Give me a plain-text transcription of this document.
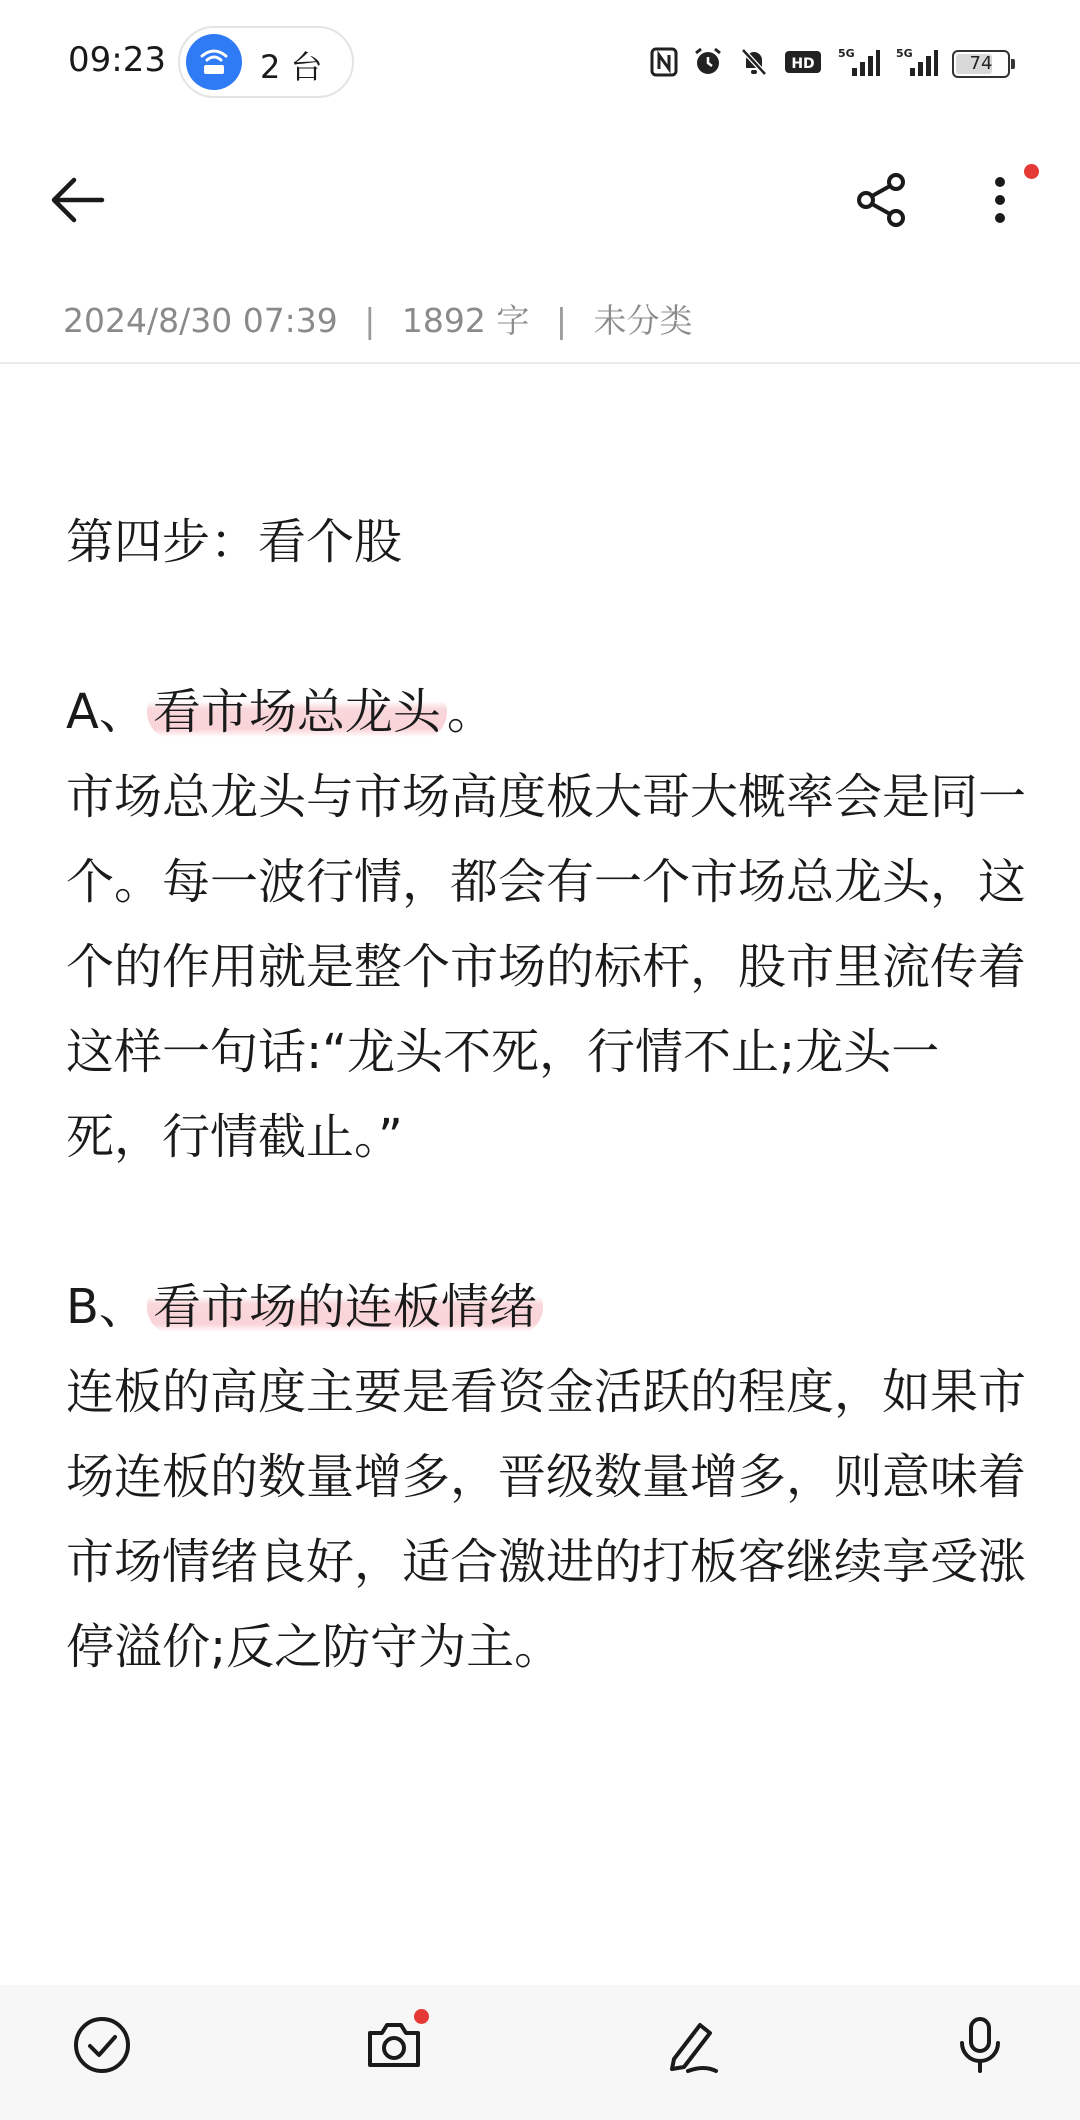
09:23	2 台	HD
5G	5G	74
2024/8/30 07:39 | 1892 字 | 未分类

第四步：看个股

A、 看市场总龙头 。

市场总龙头与市场高度板大哥大概率会是同一个。每一波行情，都会有一个市场总龙头，这个的作用就是整个市场的标杆，股市里流传着这样一句话:“龙头不死，行情不止;龙头一死，行情截止。”

B、 看市场的连板情绪

连板的高度主要是看资金活跃的程度，如果市场连板的数量增多，晋级数量增多，则意味着市场情绪良好，适合激进的打板客继续享受涨停溢价;反之防守为主。
